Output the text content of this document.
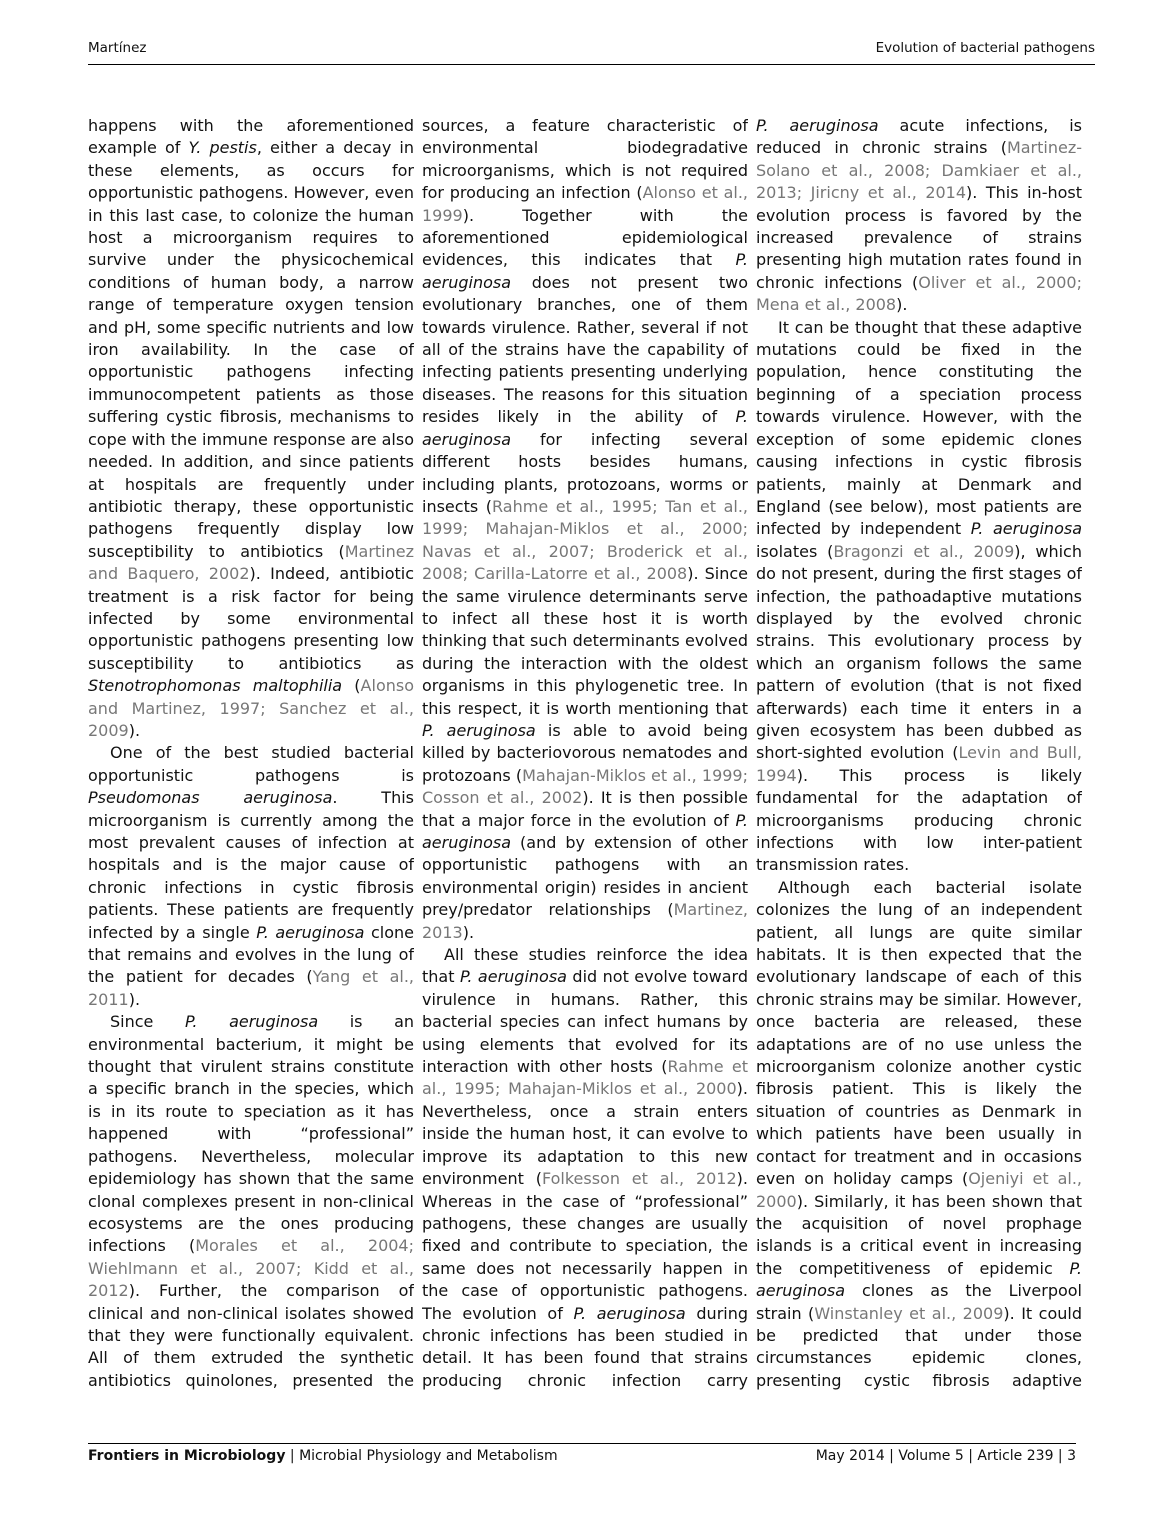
Martínez	Evolution of bacterial pathogens

happens with the aforementioned example of Y. pestis, either a decay in these elements, as occurs for opportunistic pathogens. However, even in this last case, to colonize the human host a microorganism requires to survive under the physicochemical conditions of human body, a narrow range of temperature oxygen tension and pH, some specific nutrients and low iron availability. In the case of opportunistic pathogens infecting immunocompetent patients as those suffering cystic fibrosis, mechanisms to cope with the immune response are also needed. In addition, and since patients at hospitals are frequently under antibiotic therapy, these opportunistic pathogens frequently display low susceptibility to antibiotics (Martinez and Baquero, 2002). Indeed, antibiotic treatment is a risk factor for being infected by some environmental opportunistic pathogens presenting low susceptibility to antibiotics as Stenotrophomonas maltophilia (Alonso and Martinez, 1997; Sanchez et al., 2009).

One of the best studied bacterial opportunistic pathogens is Pseudomonas aeruginosa. This microorganism is currently among the most prevalent causes of infection at hospitals and is the major cause of chronic infections in cystic fibrosis patients. These patients are frequently infected by a single P. aeruginosa clone that remains and evolves in the lung of the patient for decades (Yang et al., 2011).

Since P. aeruginosa is an environmental bacterium, it might be thought that virulent strains constitute a specific branch in the species, which is in its route to speciation as it has happened with “professional” pathogens. Nevertheless, molecular epidemiology has shown that the same clonal complexes present in non-clinical ecosystems are the ones producing infections (Morales et al., 2004; Wiehlmann et al., 2007; Kidd et al., 2012). Further, the comparison of clinical and non-clinical isolates showed that they were functionally equivalent. All of them extruded the synthetic antibiotics quinolones, presented the

sources, a feature characteristic of environmental biodegradative microorganisms, which is not required for producing an infection (Alonso et al., 1999). Together with the aforementioned epidemiological evidences, this indicates that P. aeruginosa does not present two evolutionary branches, one of them towards virulence. Rather, several if not all of the strains have the capability of infecting patients presenting underlying diseases. The reasons for this situation resides likely in the ability of P. aeruginosa for infecting several different hosts besides humans, including plants, protozoans, worms or insects (Rahme et al., 1995; Tan et al., 1999; Mahajan-Miklos et al., 2000; Navas et al., 2007; Broderick et al., 2008; Carilla-Latorre et al., 2008). Since the same virulence determinants serve to infect all these host it is worth thinking that such determinants evolved during the interaction with the oldest organisms in this phylogenetic tree. In this respect, it is worth mentioning that P. aeruginosa is able to avoid being killed by bacteriovorous nematodes and protozoans (Mahajan-Miklos et al., 1999; Cosson et al., 2002). It is then possible that a major force in the evolution of P. aeruginosa (and by extension of other opportunistic pathogens with an environmental origin) resides in ancient prey/predator relationships (Martinez, 2013).

All these studies reinforce the idea that P. aeruginosa did not evolve toward virulence in humans. Rather, this bacterial species can infect humans by using elements that evolved for its interaction with other hosts (Rahme et al., 1995; Mahajan-Miklos et al., 2000). Nevertheless, once a strain enters inside the human host, it can evolve to improve its adaptation to this new environment (Folkesson et al., 2012). Whereas in the case of “professional” pathogens, these changes are usually fixed and contribute to speciation, the same does not necessarily happen in the case of opportunistic pathogens. The evolution of P. aeruginosa during chronic infections has been studied in detail. It has been found that strains producing chronic infection carry

P. aeruginosa acute infections, is reduced in chronic strains (Martinez-Solano et al., 2008; Damkiaer et al., 2013; Jiricny et al., 2014). This in-host evolution process is favored by the increased prevalence of strains presenting high mutation rates found in chronic infections (Oliver et al., 2000; Mena et al., 2008).

It can be thought that these adaptive mutations could be fixed in the population, hence constituting the beginning of a speciation process towards virulence. However, with the exception of some epidemic clones causing infections in cystic fibrosis patients, mainly at Denmark and England (see below), most patients are infected by independent P. aeruginosa isolates (Bragonzi et al., 2009), which do not present, during the first stages of infection, the pathoadaptive mutations displayed by the evolved chronic strains. This evolutionary process by which an organism follows the same pattern of evolution (that is not fixed afterwards) each time it enters in a given ecosystem has been dubbed as short-sighted evolution (Levin and Bull, 1994). This process is likely fundamental for the adaptation of microorganisms producing chronic infections with low inter-patient transmission rates.

Although each bacterial isolate colonizes the lung of an independent patient, all lungs are quite similar habitats. It is then expected that the evolutionary landscape of each of this chronic strains may be similar. However, once bacteria are released, these adaptations are of no use unless the microorganism colonize another cystic fibrosis patient. This is likely the situation of countries as Denmark in which patients have been usually in contact for treatment and in occasions even on holiday camps (Ojeniyi et al., 2000). Similarly, it has been shown that the acquisition of novel prophage islands is a critical event in increasing the competitiveness of epidemic P. aeruginosa clones as the Liverpool strain (Winstanley et al., 2009). It could be predicted that under those circumstances epidemic clones, presenting cystic fibrosis adaptive

Frontiers in Microbiology | Microbial Physiology and Metabolism	May 2014 | Volume 5 | Article 239 | 3
